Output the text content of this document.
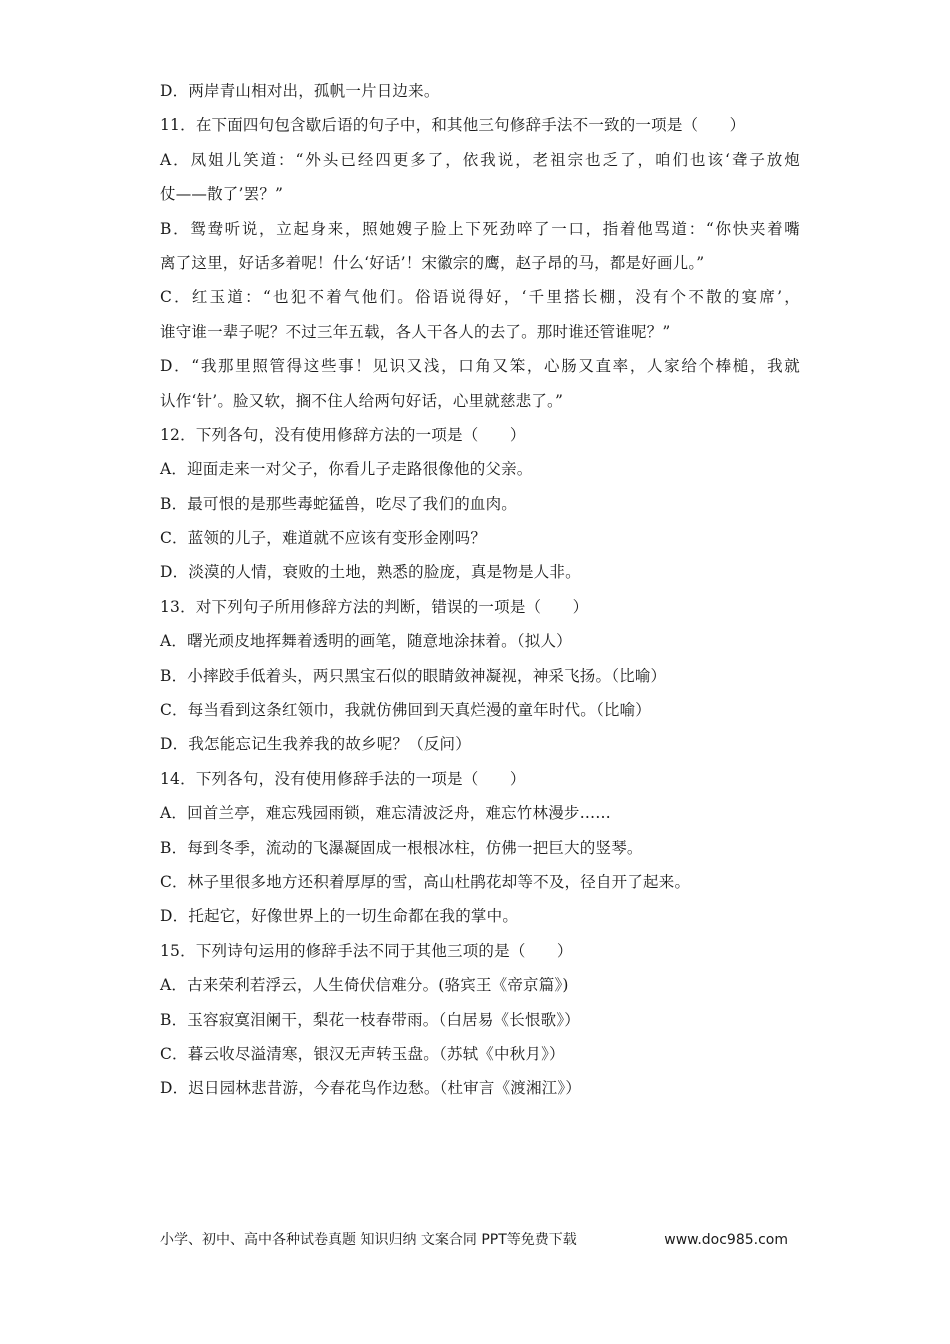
D．两岸青山相对出，孤帆一片日边来。
11．在下面四句包含歇后语的句子中，和其他三句修辞手法不一致的一项是（　　）
A．凤姐儿笑道：“外头已经四更多了，依我说，老祖宗也乏了，咱们也该‘聋子放炮
仗——散了’罢？”
B．鸳鸯听说，立起身来，照她嫂子脸上下死劲啐了一口，指着他骂道：“你快夹着嘴
离了这里，好话多着呢！什么‘好话’！宋徽宗的鹰，赵子昂的马，都是好画儿。”
C．红玉道：“也犯不着气他们。俗语说得好，‘千里搭长棚，没有个不散的宴席’，
谁守谁一辈子呢？不过三年五载，各人干各人的去了。那时谁还管谁呢？”
D．“我那里照管得这些事！见识又浅，口角又笨，心肠又直率，人家给个棒槌，我就
认作‘针’。脸又软，搁不住人给两句好话，心里就慈悲了。”
12．下列各句，没有使用修辞方法的一项是（　　）
A．迎面走来一对父子，你看儿子走路很像他的父亲。
B．最可恨的是那些毒蛇猛兽，吃尽了我们的血肉。
C．蓝领的儿子，难道就不应该有变形金刚吗？
D．淡漠的人情，衰败的土地，熟悉的脸庞，真是物是人非。
13．对下列句子所用修辞方法的判断，错误的一项是（　　）
A．曙光顽皮地挥舞着透明的画笔，随意地涂抹着。（拟人）
B．小摔跤手低着头，两只黑宝石似的眼睛敛神凝视，神采飞扬。（比喻）
C．每当看到这条红领巾，我就仿佛回到天真烂漫的童年时代。（比喻）
D．我怎能忘记生我养我的故乡呢？（反问）
14．下列各句，没有使用修辞手法的一项是（　　）
A．回首兰亭，难忘残园雨锁，难忘清波泛舟，难忘竹林漫步……
B．每到冬季，流动的飞瀑凝固成一根根冰柱，仿佛一把巨大的竖琴。
C．林子里很多地方还积着厚厚的雪，高山杜鹃花却等不及，径自开了起来。
D．托起它，好像世界上的一切生命都在我的掌中。
15．下列诗句运用的修辞手法不同于其他三项的是（　　）
A．古来荣利若浮云，人生倚伏信难分。(骆宾王《帝京篇》)
B．玉容寂寞泪阑干，梨花一枝春带雨。（白居易《长恨歌》）
C．暮云收尽溢清寒，银汉无声转玉盘。（苏轼《中秋月》）
D．迟日园林悲昔游，今春花鸟作边愁。（杜审言《渡湘江》）
小学、初中、高中各种试卷真题 知识归纳 文案合同 PPT等免费下载	www.doc985.com
